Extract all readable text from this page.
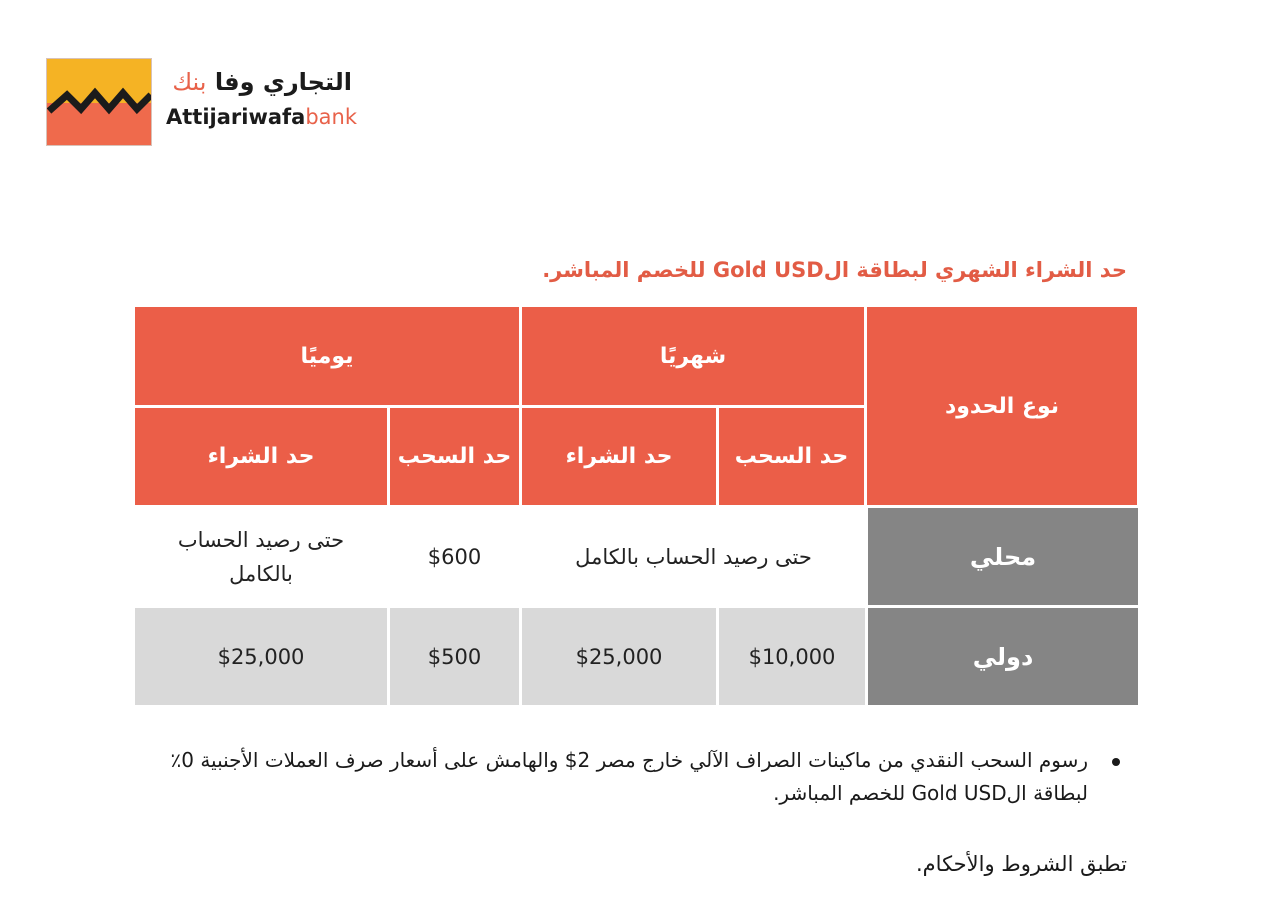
التجاري وفا بنك
Attijariwafabank
حد الشراء الشهري لبطاقة الGold USD للخصم المباشر.
نوع الحدود
شهريًا
يوميًا
حد السحب
حد الشراء
حد السحب
حد الشراء
محلي
حتى رصيد الحساب بالكامل
$600
حتى رصيد الحساب بالكامل
دولي
$10,000
$25,000
$500
$25,000
رسوم السحب النقدي من ماكينات الصراف الآلي خارج مصر 2$ والهامش على أسعار صرف العملات الأجنبية 0٪ لبطاقة الGold USD للخصم المباشر.
تطبق الشروط والأحكام.
